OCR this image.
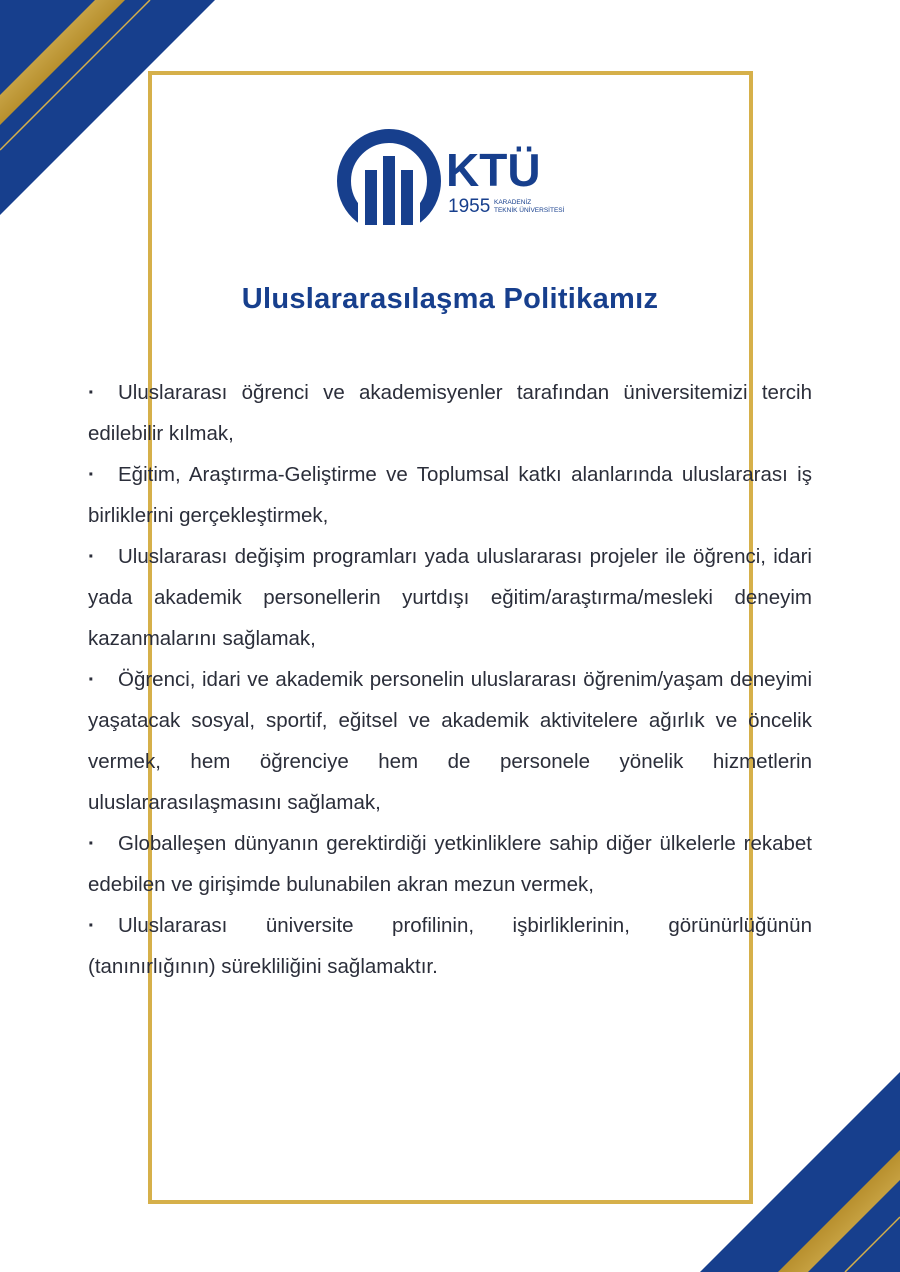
KTÜ
1955 KARADENİZ
TEKNİK ÜNİVERSİTESİ
Uluslararasılaşma Politikamız

·Uluslararası öğrenci ve akademisyenler tarafından üniversitemizi tercih edilebilir kılmak,

·Eğitim, Araştırma-Geliştirme ve Toplumsal katkı alanlarında uluslararası iş birliklerini gerçekleştirmek,

·Uluslararası değişim programları yada uluslararası projeler ile öğrenci, idari yada akademik personellerin yurtdışı eğitim/araştırma/mesleki deneyim kazanmalarını sağlamak,

·Öğrenci, idari ve akademik personelin uluslararası öğrenim/yaşam deneyimi yaşatacak sosyal, sportif, eğitsel ve akademik aktivitelere ağırlık ve öncelik vermek, hem öğrenciye hem de personele yönelik hizmetlerin uluslararasılaşmasını sağlamak,

·Globalleşen dünyanın gerektirdiği yetkinliklere sahip diğer ülkelerle rekabet edebilen ve girişimde bulunabilen akran mezun vermek,

·Uluslararası üniversite profilinin, işbirliklerinin, görünürlüğünün (tanınırlığının) sürekliliğini sağlamaktır.
